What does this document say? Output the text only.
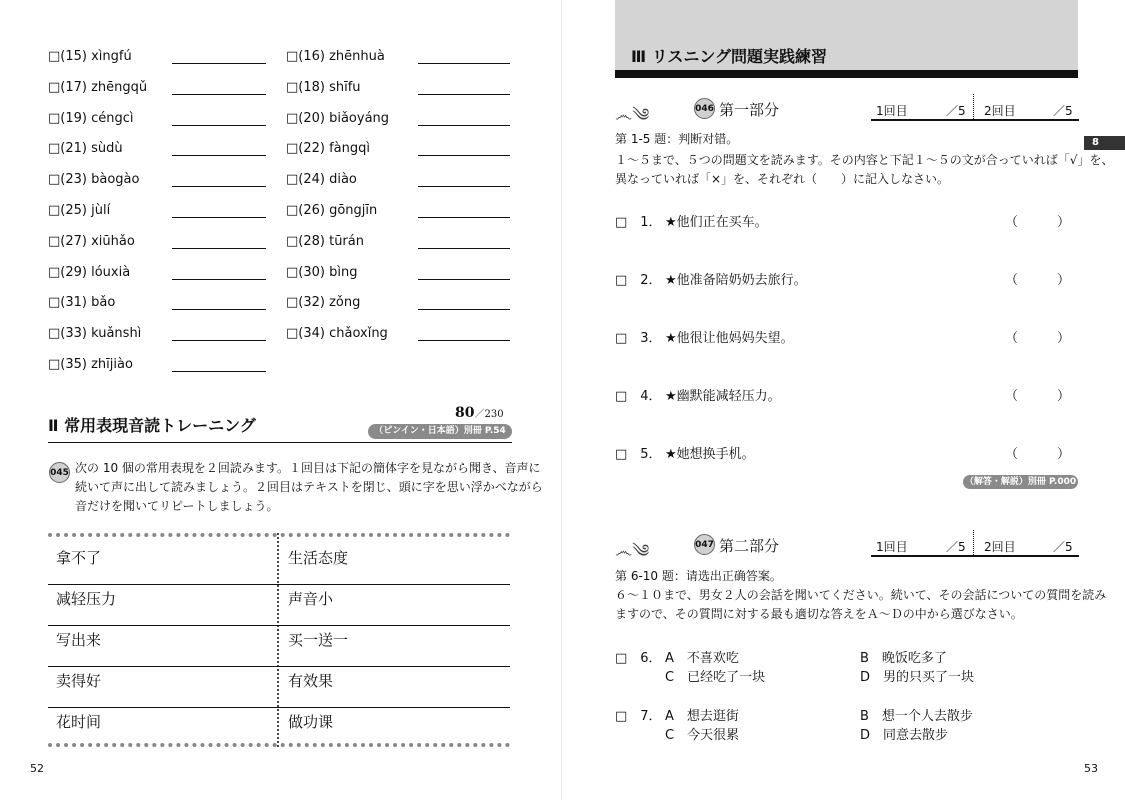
□(15) xìngfú	□(16) zhēnhuà
□(17) zhēngqǔ	□(18) shīfu
□(19) céngcì	□(20) biǎoyáng
□(21) sùdù	□(22) fàngqì
□(23) bàogào	□(24) diào
□(25) jùlí	□(26) gōngjīn
□(27) xiūhǎo	□(28) tūrán
□(29) lóuxià	□(30) bìng
□(31) bǎo	□(32) zǒng
□(33) kuǎnshì	□(34) chǎoxǐng
□(35) zhījiào
Ⅱ 常用表現音読トレーニング
80／230
（ピンイン・日本語）別冊 P.54
045 次の 10 個の常用表現を２回読みます。１回目は下記の簡体字を見ながら聞き、音声に
続いて声に出して読みましょう。２回目はテキストを閉じ、頭に字を思い浮かべながら
音だけを聞いてリピートしましょう。
拿不了	生活态度
减轻压力	声音小
写出来	买一送一
卖得好	有效果
花时间	做功课
52
Ⅲ リスニング問題実践練習
8
෴༄	046 第一部分	1回目	／5 2回目	／5
第 1-5 题：判断对错。
１～５まで、５つの問題文を読みます。その内容と下記１～５の文が合っていれば「√」を、
異なっていれば「×」を、それぞれ（　　）に記入しなさい。
□　1． ★他们正在买车。	（　　　）
□　2． ★他准备陪奶奶去旅行。	（　　　）
□　3． ★他很让他妈妈失望。	（　　　）
□　4． ★幽默能减轻压力。	（　　　）
□　5． ★她想换手机。	（　　　）
（解答・解説）別冊 P.000
෴༄	047 第二部分	1回目	／5 2回目	／5
第 6-10 题：请选出正确答案。
６～１０まで、男女２人の会話を聞いてください。続いて、その会話についての質問を読み
ますので、その質問に対する最も適切な答えをＡ～Ｄの中から選びなさい。
□　6． A　不喜欢吃	B　晚饭吃多了
C　已经吃了一块	D　男的只买了一块
□　7． A　想去逛街	B　想一个人去散步
C　今天很累	D　同意去散步
53
